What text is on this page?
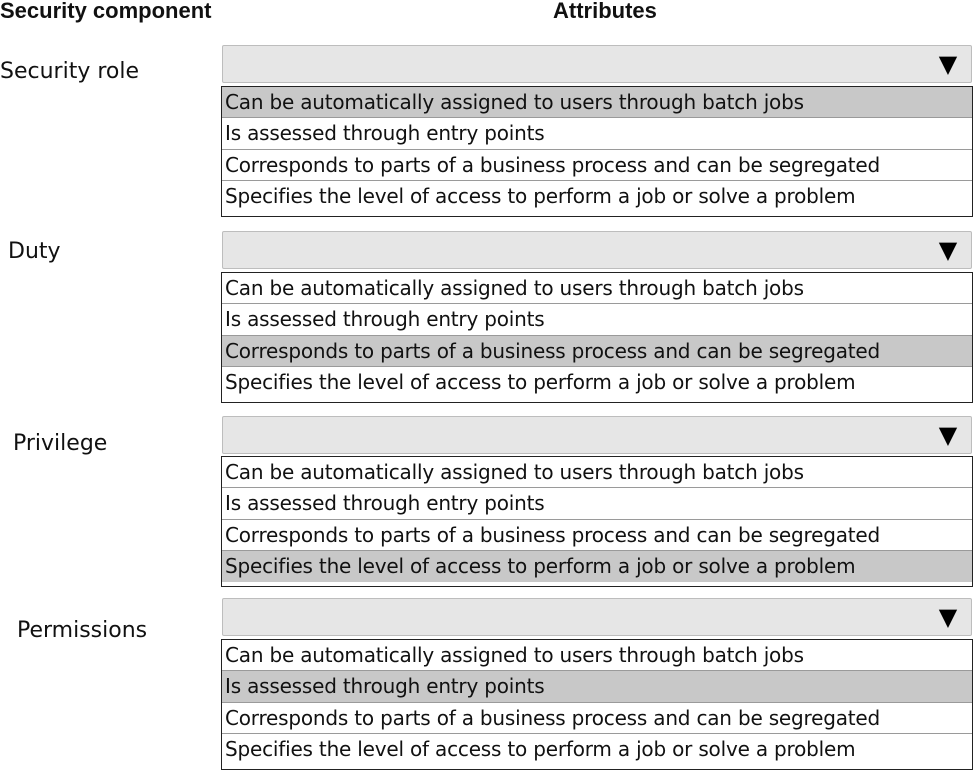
Security component	Attributes
Security role	▼
Can be automatically assigned to users through batch jobs
Is assessed through entry points
Corresponds to parts of a business process and can be segregated
Specifies the level of access to perform a job or solve a problem
Duty	▼
Can be automatically assigned to users through batch jobs
Is assessed through entry points
Corresponds to parts of a business process and can be segregated
Specifies the level of access to perform a job or solve a problem
Privilege	▼
Can be automatically assigned to users through batch jobs
Is assessed through entry points
Corresponds to parts of a business process and can be segregated
Specifies the level of access to perform a job or solve a problem
Permissions	▼
Can be automatically assigned to users through batch jobs
Is assessed through entry points
Corresponds to parts of a business process and can be segregated
Specifies the level of access to perform a job or solve a problem
